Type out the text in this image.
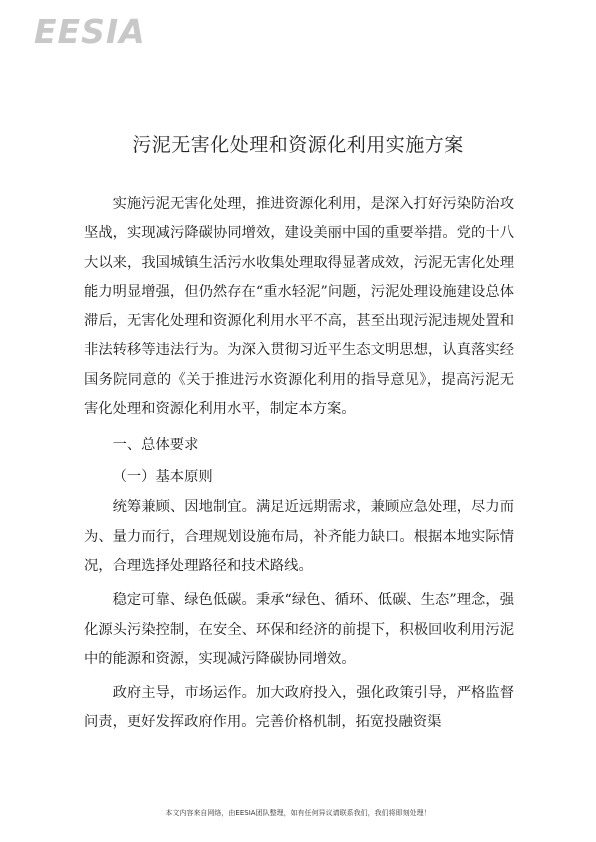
EESIA
污泥无害化处理和资源化利用实施方案

实施污泥无害化处理，推进资源化利用，是深入打好污染防治攻坚战，实现减污降碳协同增效，建设美丽中国的重要举措。党的十八大以来，我国城镇生活污水收集处理取得显著成效，污泥无害化处理能力明显增强，但仍然存在“重水轻泥”问题，污泥处理设施建设总体滞后，无害化处理和资源化利用水平不高，甚至出现污泥违规处置和非法转移等违法行为。为深入贯彻习近平生态文明思想，认真落实经国务院同意的《关于推进污水资源化利用的指导意见》，提高污泥无害化处理和资源化利用水平，制定本方案。

一、总体要求

（一）基本原则

统筹兼顾、因地制宜。满足近远期需求，兼顾应急处理，尽力而为、量力而行，合理规划设施布局，补齐能力缺口。根据本地实际情况，合理选择处理路径和技术路线。

稳定可靠、绿色低碳。秉承“绿色、循环、低碳、生态”理念，强化源头污染控制，在安全、环保和经济的前提下，积极回收利用污泥中的能源和资源，实现减污降碳协同增效。

政府主导，市场运作。加大政府投入，强化政策引导，严格监督问责，更好发挥政府作用。完善价格机制，拓宽投融资渠

本文内容来自网络，由EESIA团队整理，如有任何异议请联系我们，我们将即刻处理！
